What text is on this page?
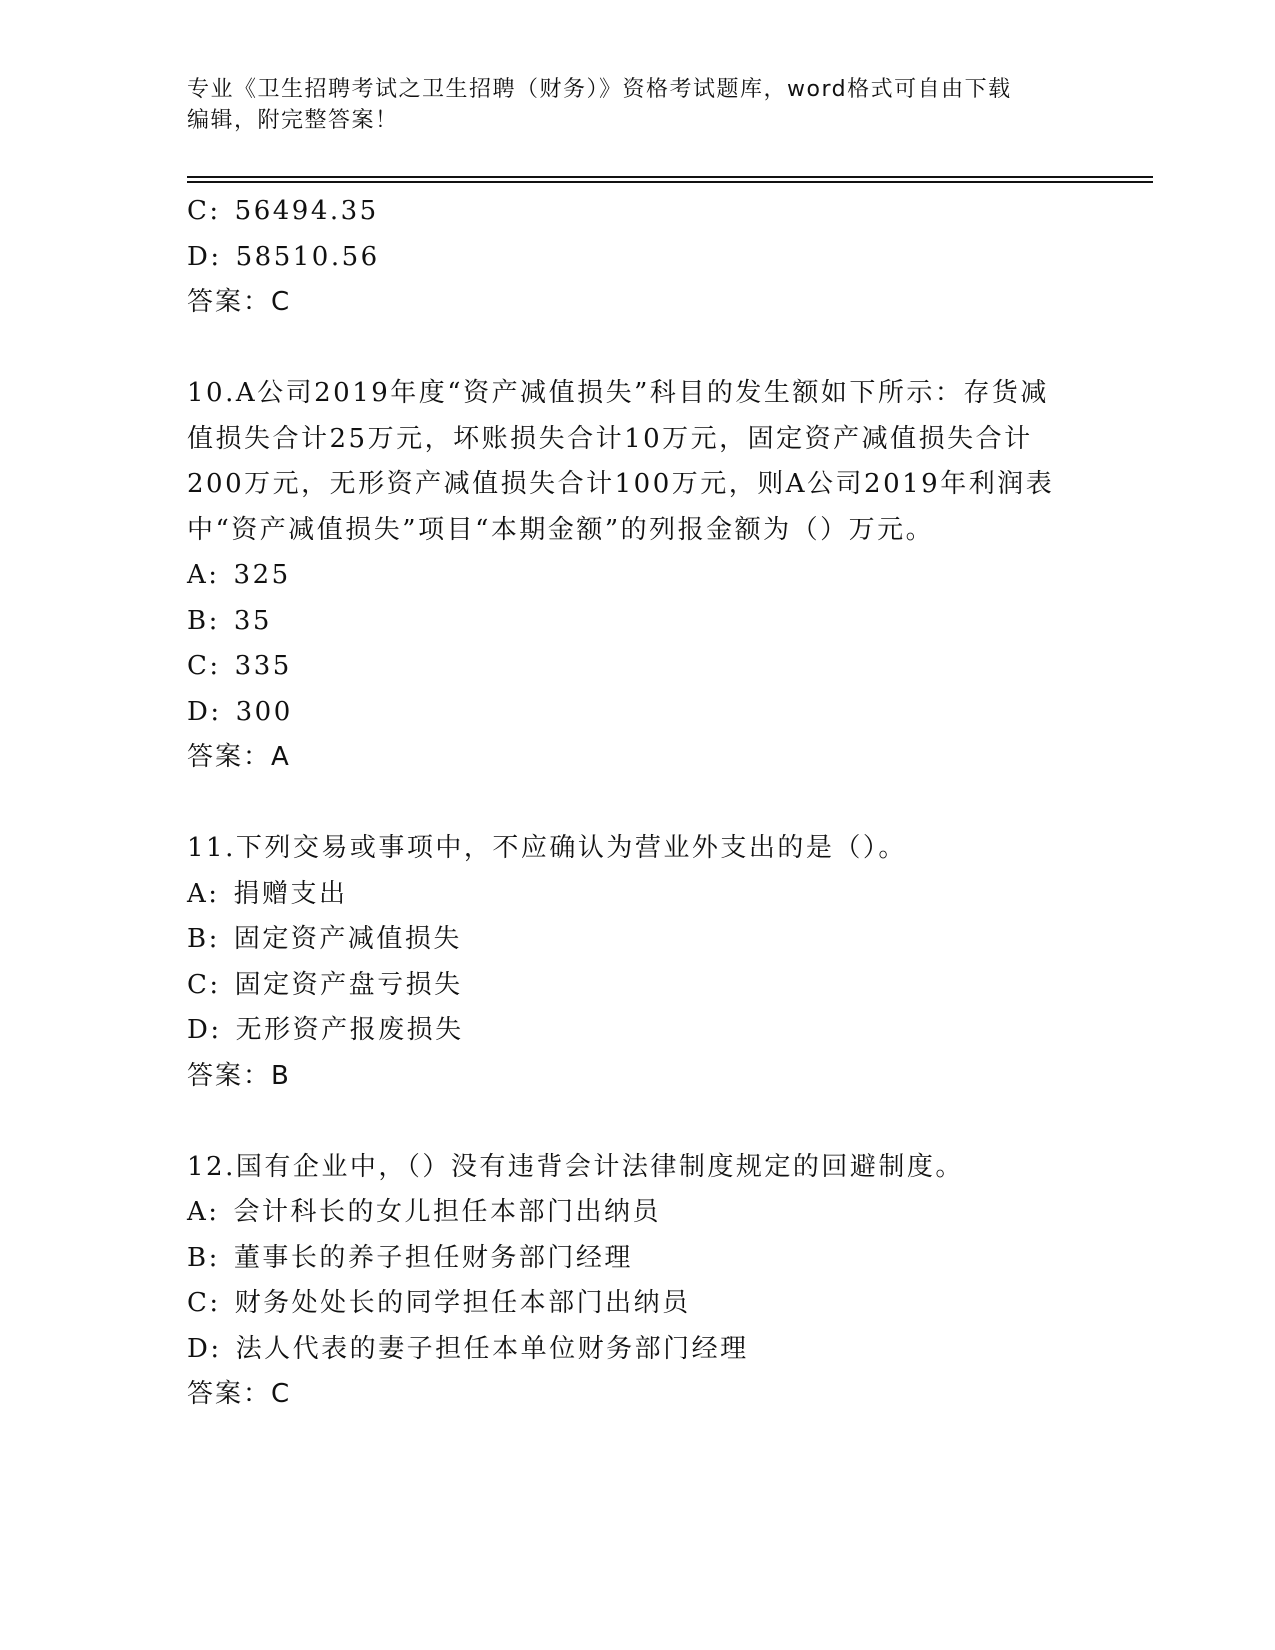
专业《卫生招聘考试之卫生招聘（财务）》资格考试题库，word格式可自由下载
编辑，附完整答案！
C: 56494.35
D: 58510.56
答案：C
10.A公司2019年度“资产减值损失”科目的发生额如下所示：存货减
值损失合计25万元，坏账损失合计10万元，固定资产减值损失合计
200万元，无形资产减值损失合计100万元，则A公司2019年利润表
中“资产减值损失”项目“本期金额”的列报金额为（）万元。
A: 325
B: 35
C: 335
D: 300
答案：A
11.下列交易或事项中，不应确认为营业外支出的是（）。
A: 捐赠支出
B: 固定资产减值损失
C: 固定资产盘亏损失
D: 无形资产报废损失
答案：B
12.国有企业中，（）没有违背会计法律制度规定的回避制度。
A: 会计科长的女儿担任本部门出纳员
B: 董事长的养子担任财务部门经理
C: 财务处处长的同学担任本部门出纳员
D: 法人代表的妻子担任本单位财务部门经理
答案：C
